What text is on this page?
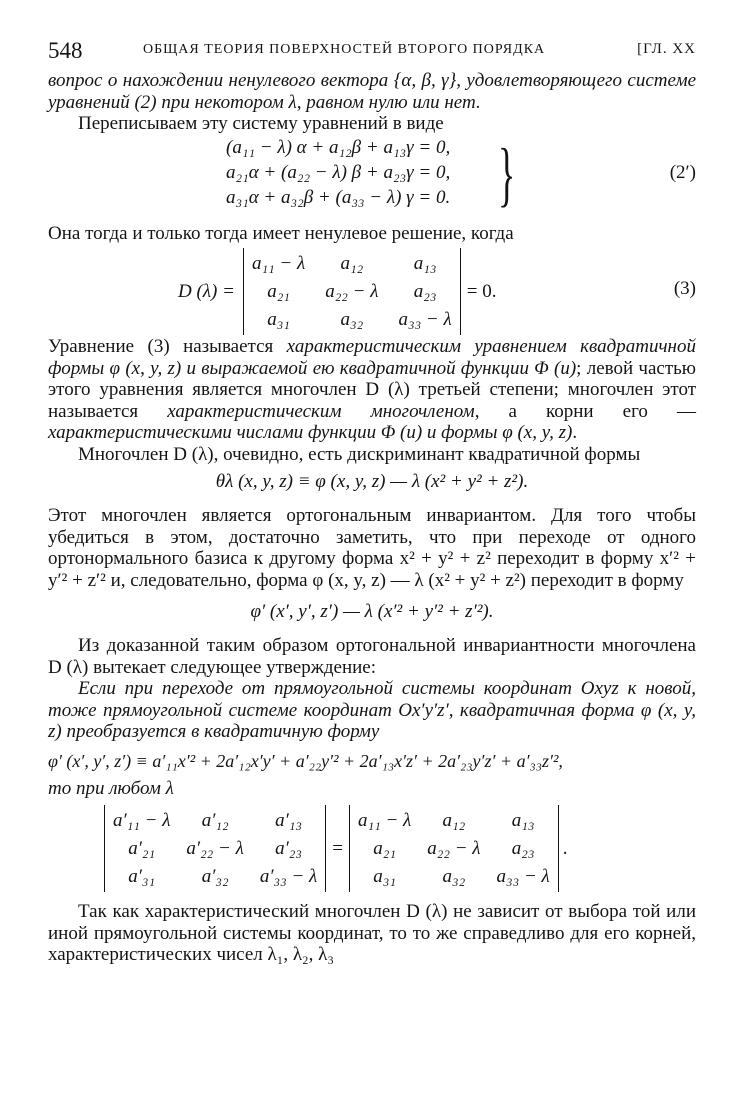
548	ОБЩАЯ ТЕОРИЯ ПОВЕРХНОСТЕЙ ВТОРОГО ПОРЯДКА	[ГЛ. XX

вопрос о нахождении ненулевого вектора {α, β, γ}, удовлетворяющего системе уравнений (2) при некотором λ, равном нулю или нет.

Переписываем эту систему уравнений в виде

(a₁₁ − λ) α + a₁₂β + a₁₃γ = 0,
a₂₁α + (a₂₂ − λ) β + a₂₃γ = 0,
a₃₁α + a₃₂β + (a₃₃ − λ) γ = 0. }	(2′)

Она тогда и только тогда имеет ненулевое решение, когда

D (λ) =
a₁₁ − λ	a₁₂	a₁₃
a₂₁	a₂₂ − λ	a₂₃
a₃₁	a₃₂	a₃₃ − λ
= 0.	(3)

Уравнение (3) называется характеристическим уравнением квадратичной формы φ (x, y, z) и выражаемой ею квадратичной функции Φ (u); левой частью этого уравнения является многочлен D (λ) третьей степени; многочлен этот называется характеристическим многочленом, а корни его — характеристическими числами функции Φ (u) и формы φ (x, y, z).

Многочлен D (λ), очевидно, есть дискриминант квадратичной формы

θλ (x, y, z) ≡ φ (x, y, z) — λ (x² + y² + z²).

Этот многочлен является ортогональным инвариантом. Для того чтобы убедиться в этом, достаточно заметить, что при переходе от одного ортонормального базиса к другому форма x² + y² + z² переходит в форму x′² + y′² + z′² и, следовательно, форма φ (x, y, z) — λ (x² + y² + z²) переходит в форму

φ′ (x′, y′, z′) — λ (x′² + y′² + z′²).

Из доказанной таким образом ортогональной инвариантности многочлена D (λ) вытекает следующее утверждение:

Если при переходе от прямоугольной системы координат Oxyz к новой, тоже прямоугольной системе координат Ox′y′z′, квадратичная форма φ (x, y, z) преобразуется в квадратичную форму

φ′ (x′, y′, z′) ≡ a′₁₁x′² + 2a′₁₂x′y′ + a′₂₂y′² + 2a′₁₃x′z′ + 2a′₂₃y′z′ + a′₃₃z′²,

то при любом λ

a′₁₁ − λ	a′₁₂	a′₁₃
a′₂₁	a′₂₂ − λ	a′₂₃
a′₃₁	a′₃₂	a′₃₃ − λ
=
a₁₁ − λ	a₁₂	a₁₃
a₂₁	a₂₂ − λ	a₂₃
a₃₁	a₃₂	a₃₃ − λ
.

Так как характеристический многочлен D (λ) не зависит от выбора той или иной прямоугольной системы координат, то то же справедливо для его корней, характеристических чисел λ₁, λ₂, λ₃
